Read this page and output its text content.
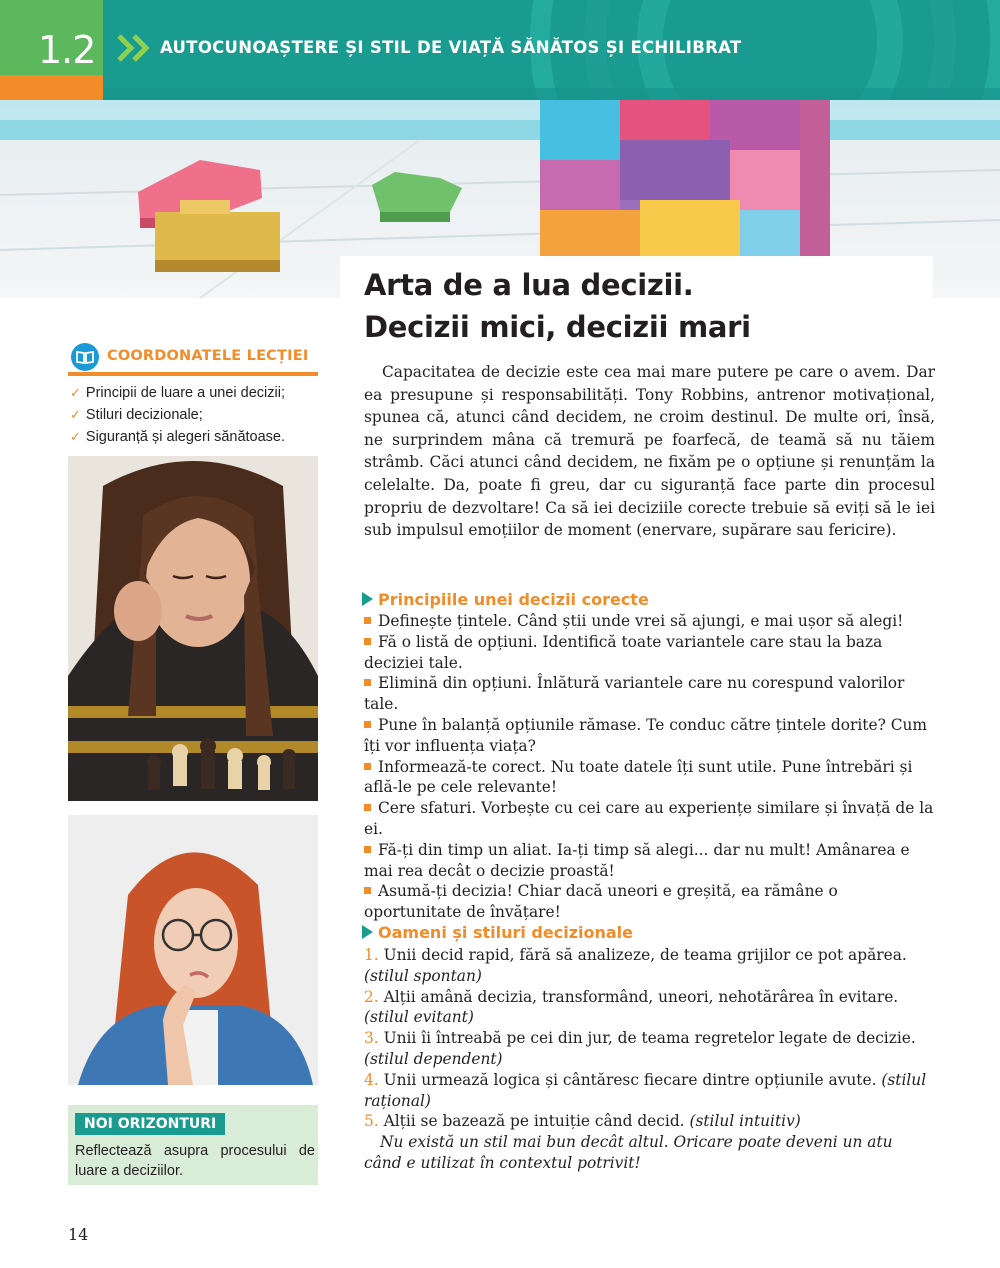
1.2	AUTOCUNOAȘTERE ȘI STIL DE VIAȚĂ SĂNĂTOS ȘI ECHILIBRAT
Arta de a lua decizii.
Decizii mici, decizii mari
COORDONATELE LECȚIEI
✓ Principii de luare a unei decizii;
✓ Stiluri decizionale;
✓ Siguranță și alegeri sănătoase.
NOI ORIZONTURI
Reflectează asupra procesului de luare a deciziilor.
14

Capacitatea de decizie este cea mai mare putere pe care o avem. Dar ea presupune și responsabilități. Tony Robbins, antrenor motivațional, spunea că, atunci când decidem, ne croim destinul. De multe ori, însă, ne surprindem mâna că tremură pe foarfecă, de teamă să nu tăiem strâmb. Căci atunci când decidem, ne fixăm pe o opțiune și renunțăm la celelalte. Da, poate fi greu, dar cu siguranță face parte din procesul propriu de dezvoltare! Ca să iei deciziile corecte trebuie să eviți să le iei sub impulsul emoțiilor de moment (enervare, supărare sau fericire).

Principiile unei decizii corecte

Definește țintele. Când știi unde vrei să ajungi, e mai ușor să alegi!

Fă o listă de opțiuni. Identifică toate variantele care stau la baza deciziei tale.

Elimină din opțiuni. Înlătură variantele care nu corespund valorilor tale.

Pune în balanță opțiunile rămase. Te conduc către țintele dorite? Cum îți vor influența viața?

Informează-te corect. Nu toate datele îți sunt utile. Pune întrebări și află-le pe cele relevante!

Cere sfaturi. Vorbește cu cei care au experiențe similare și învață de la ei.

Fă-ți din timp un aliat. Ia-ți timp să alegi... dar nu mult! Amânarea e mai rea decât o decizie proastă!

Asumă-ți decizia! Chiar dacă uneori e greșită, ea rămâne o oportunitate de învățare!

Oameni și stiluri decizionale

1. Unii decid rapid, fără să analizeze, de teama grijilor ce pot apărea. (stilul spontan)

2. Alții amână decizia, transformând, uneori, nehotărârea în evitare. (stilul evitant)

3. Unii îi întreabă pe cei din jur, de teama regretelor legate de decizie. (stilul dependent)

4. Unii urmează logica și cântăresc fiecare dintre opțiunile avute. (stilul rațional)

5. Alții se bazează pe intuiție când decid. (stilul intuitiv)

Nu există un stil mai bun decât altul. Oricare poate deveni un atu când e utilizat în contextul potrivit!
